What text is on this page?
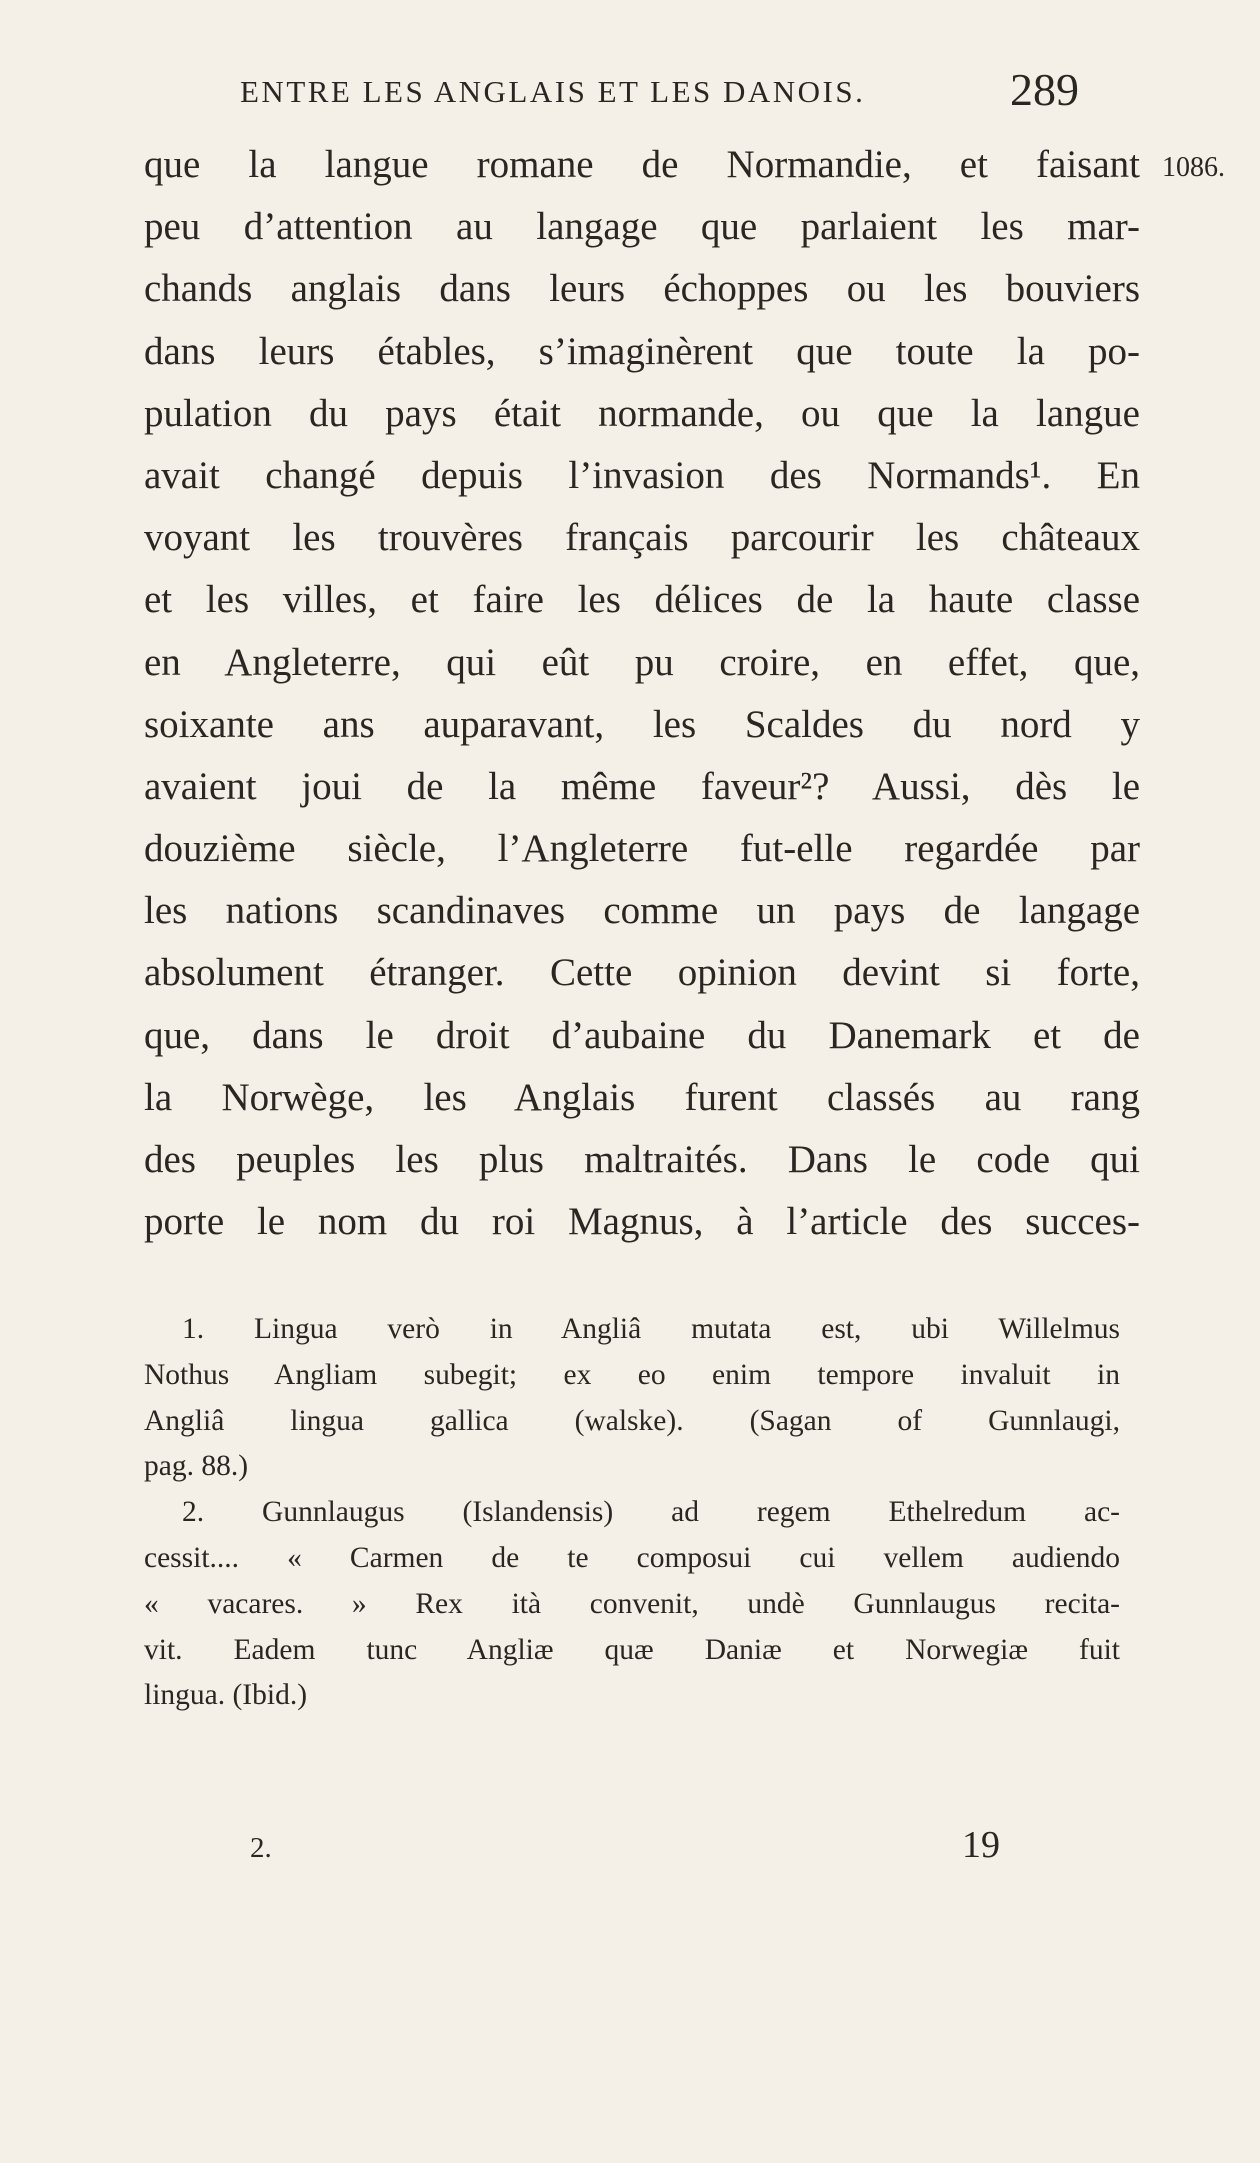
ENTRE LES ANGLAIS ET LES DANOIS.	289
1086.
que la langue romane de Normandie, et faisant
peu d’attention au langage que parlaient les mar-
chands anglais dans leurs échoppes ou les bouviers
dans leurs étables, s’imaginèrent que toute la po-
pulation du pays était normande, ou que la langue
avait changé depuis l’invasion des Normands¹. En
voyant les trouvères français parcourir les châteaux
et les villes, et faire les délices de la haute classe
en Angleterre, qui eût pu croire, en effet, que,
soixante ans auparavant, les Scaldes du nord y
avaient joui de la même faveur²? Aussi, dès le
douzième siècle, l’Angleterre fut-elle regardée par
les nations scandinaves comme un pays de langage
absolument étranger. Cette opinion devint si forte,
que, dans le droit d’aubaine du Danemark et de
la Norwège, les Anglais furent classés au rang
des peuples les plus maltraités. Dans le code qui
porte le nom du roi Magnus, à l’article des succes-
1. Lingua verò in Angliâ mutata est, ubi Willelmus
Nothus Angliam subegit; ex eo enim tempore invaluit in
Angliâ lingua gallica (walske). (Sagan of Gunnlaugi,
pag. 88.)
2. Gunnlaugus (Islandensis) ad regem Ethelredum ac-
cessit.... « Carmen de te composui cui vellem audiendo
« vacares. » Rex ità convenit, undè Gunnlaugus recita-
vit. Eadem tunc Angliæ quæ Daniæ et Norwegiæ fuit
lingua. (Ibid.)
2.	19
